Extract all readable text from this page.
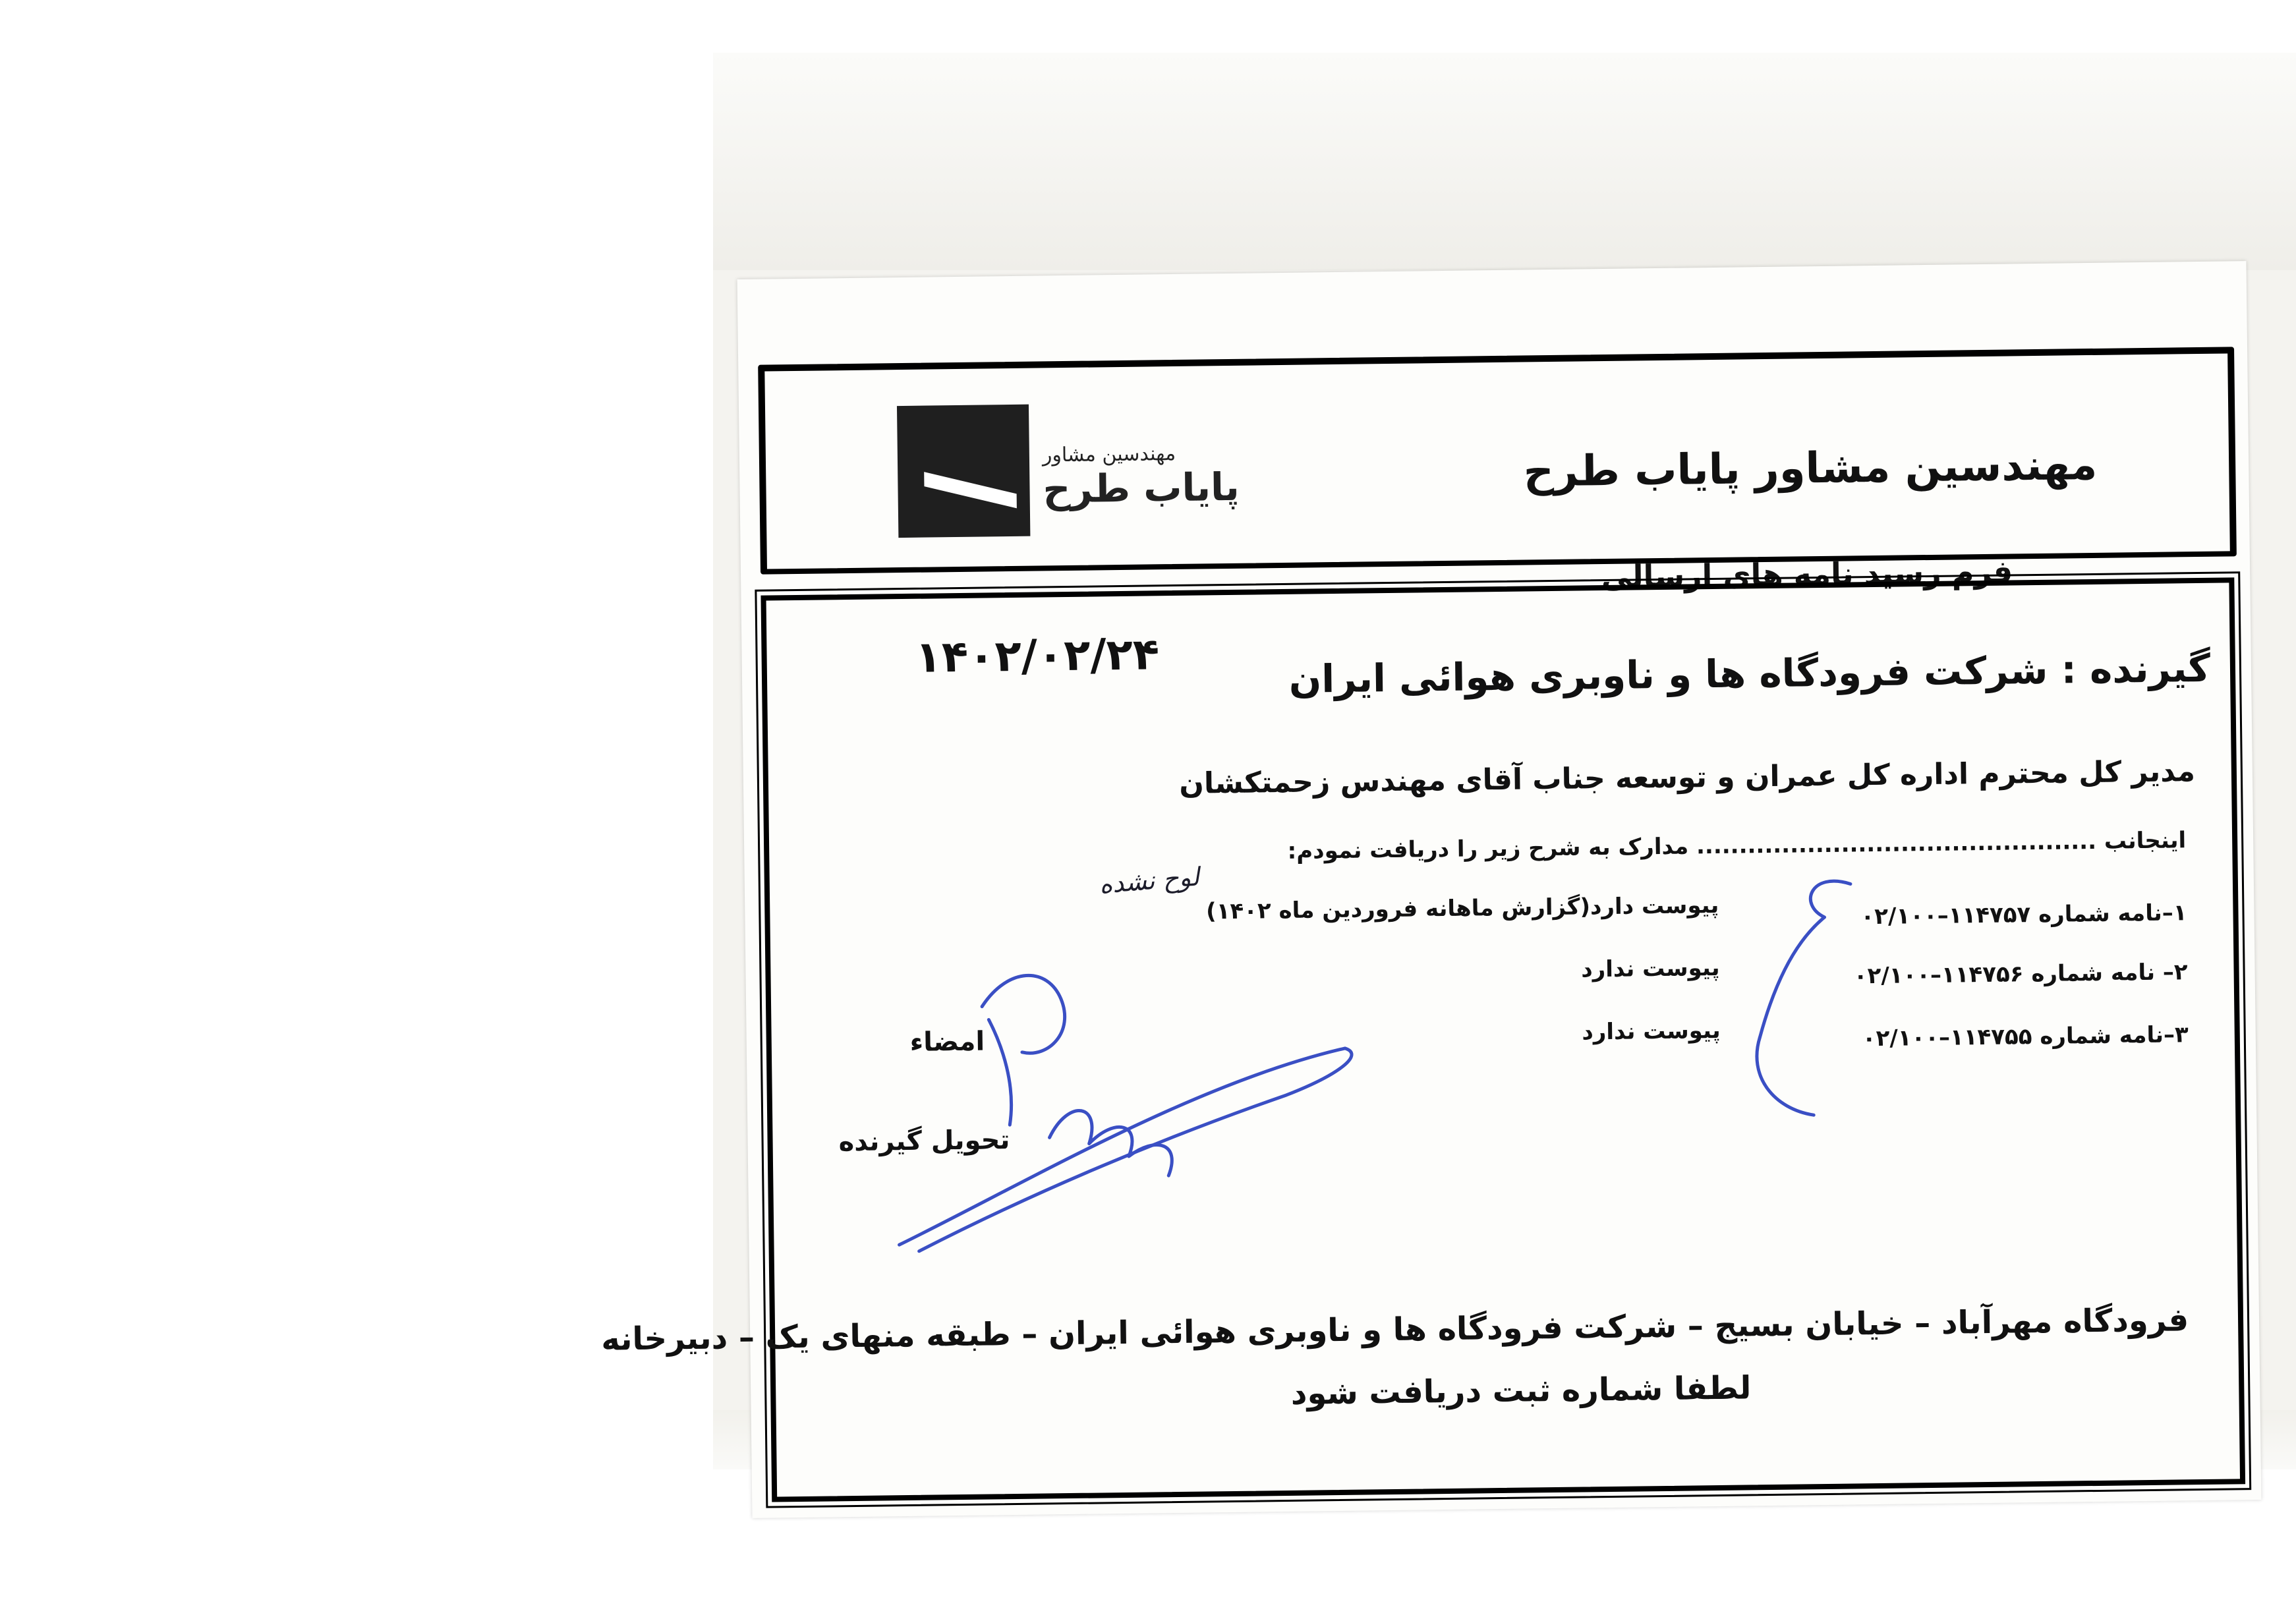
مهندسین مشاور
پایاب طرح	مهندسین مشاور پایاب طرح
فرم رسید نامه های ارسالی
۱۴۰۲/۰۲/۲۴	گیرنده : شرکت فرودگاه ها و ناوبری هوائی ایران
مدیر کل محترم اداره کل عمران و توسعه جناب آقای مهندس زحمتکشان
اینجانب ............................................... مدارک به شرح زیر را دریافت نمودم:
۱–نامه شماره ۱۱۴۷۵۷–۰۲/۱۰۰
پیوست دارد(گزارش ماهانه فروردین ماه ۱۴۰۲)
لوح نشده
۲– نامه شماره ۱۱۴۷۵۶–۰۲/۱۰۰
پیوست ندارد
۳–نامه شماره ۱۱۴۷۵۵–۰۲/۱۰۰
پیوست ندارد
امضاء
تحویل گیرنده
فرودگاه مهرآباد – خیابان بسیج – شرکت فرودگاه ها و ناوبری هوائی ایران – طبقه منهای یک – دبیرخانه
لطفا شماره ثبت دریافت شود
